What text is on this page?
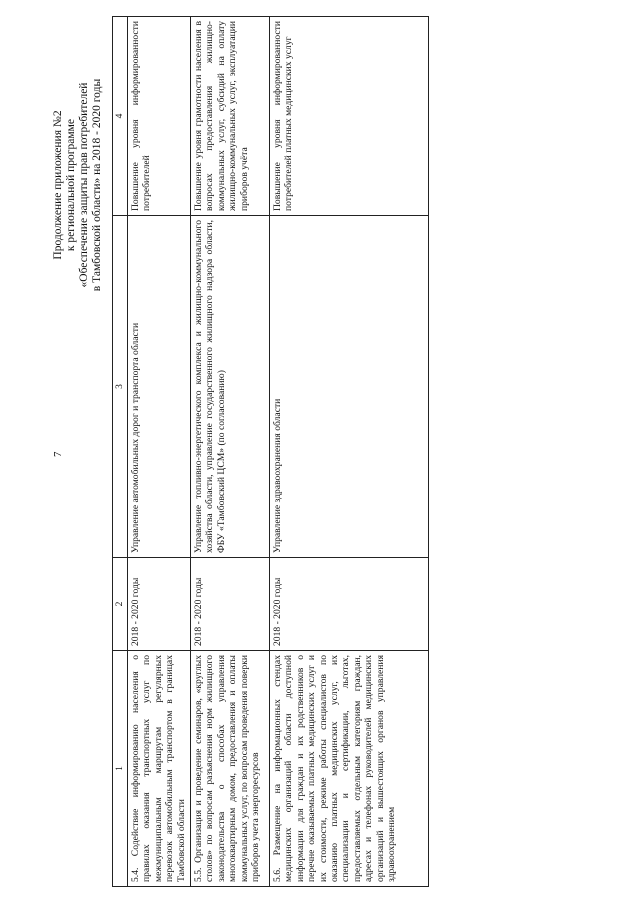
7
Продолжение приложения №2 к региональной программе «Обеспечение защиты прав потребителей в Тамбовской области» на 2018 - 2020 годы
1	2	3	4
5.4. Содействие информированию населения о правилах оказания транспортных услуг по межмуниципальным маршрутам регулярных перевозок автомобильным транспортом в границах Тамбовской области	2018 - 2020 годы	Управление автомобильных дорог и транспорта области	Повышение уровня информированности потребителей
5.5. Организация и проведение семинаров, «круглых столов» по вопросам разъяснения норм жилищного законодательства о способах управления многоквартирным домом, предоставления и оплаты коммунальных услуг, по вопросам проведения поверки приборов учета энергоресурсов	2018 - 2020 годы	Управление топливно-энергетического комплекса и жилищно-коммунального хозяйства области, управление государственного жилищного надзора области, ФБУ «Тамбовский ЦСМ» (по согласованию)	Повышение уровня грамотности населения в вопросах предоставления жилищно-коммунальных услуг, субсидий на оплату жилищно-коммунальных услуг, эксплуатации приборов учёта
5.6. Размещение на информационных стендах медицинских организаций области доступной информации для граждан и их родственников о перечне оказываемых платных медицинских услуг и их стоимости, режиме работы специалистов по оказанию платных медицинских услуг, их специализации и сертификации, льготах, предоставляемых отдельным категориям граждан, адресах и телефонах руководителей медицинских организаций и вышестоящих органов управления здравоохранением	2018 - 2020 годы	Управление здравоохранения области	Повышение уровня информированности потребителей платных медицинских услуг
